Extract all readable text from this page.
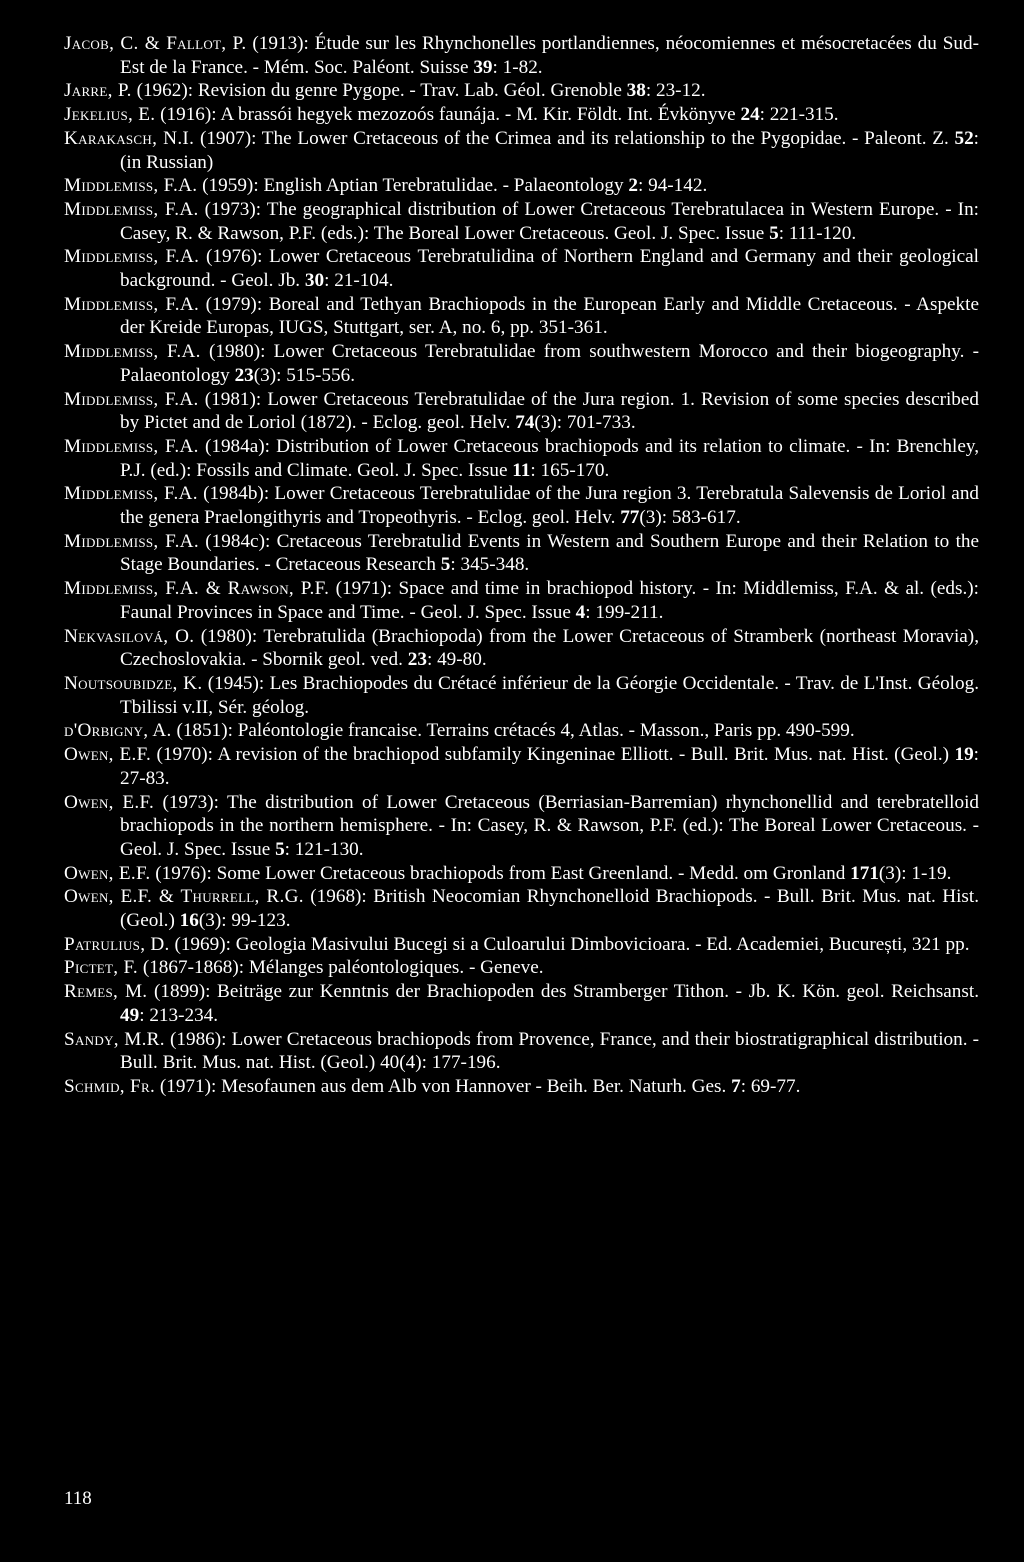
Jacob, C. & Fallot, P. (1913): Étude sur les Rhynchonelles portlandiennes, néocomiennes et mésocretacées du Sud-Est de la France. - Mém. Soc. Paléont. Suisse 39: 1-82.

Jarre, P. (1962): Revision du genre Pygope. - Trav. Lab. Géol. Grenoble 38: 23-12.

Jekelius, E. (1916): A brassói hegyek mezozoós faunája. - M. Kir. Földt. Int. Évkönyve 24: 221-315.

Karakasch, N.I. (1907): The Lower Cretaceous of the Crimea and its relationship to the Pygopidae. - Paleont. Z. 52: (in Russian)

Middlemiss, F.A. (1959): English Aptian Terebratulidae. - Palaeontology 2: 94-142.

Middlemiss, F.A. (1973): The geographical distribution of Lower Cretaceous Terebratulacea in Western Europe. - In: Casey, R. & Rawson, P.F. (eds.): The Boreal Lower Cretaceous. Geol. J. Spec. Issue 5: 111-120.

Middlemiss, F.A. (1976): Lower Cretaceous Terebratulidina of Northern England and Germany and their geological background. - Geol. Jb. 30: 21-104.

Middlemiss, F.A. (1979): Boreal and Tethyan Brachiopods in the European Early and Middle Cretaceous. - Aspekte der Kreide Europas, IUGS, Stuttgart, ser. A, no. 6, pp. 351-361.

Middlemiss, F.A. (1980): Lower Cretaceous Terebratulidae from southwestern Morocco and their biogeography. - Palaeontology 23(3): 515-556.

Middlemiss, F.A. (1981): Lower Cretaceous Terebratulidae of the Jura region. 1. Revision of some species described by Pictet and de Loriol (1872). - Eclog. geol. Helv. 74(3): 701-733.

Middlemiss, F.A. (1984a): Distribution of Lower Cretaceous brachiopods and its relation to climate. - In: Brenchley, P.J. (ed.): Fossils and Climate. Geol. J. Spec. Issue 11: 165-170.

Middlemiss, F.A. (1984b): Lower Cretaceous Terebratulidae of the Jura region 3. Terebratula Salevensis de Loriol and the genera Praelongithyris and Tropeothyris. - Eclog. geol. Helv. 77(3): 583-617.

Middlemiss, F.A. (1984c): Cretaceous Terebratulid Events in Western and Southern Europe and their Relation to the Stage Boundaries. - Cretaceous Research 5: 345-348.

Middlemiss, F.A. & Rawson, P.F. (1971): Space and time in brachiopod history. - In: Middlemiss, F.A. & al. (eds.): Faunal Provinces in Space and Time. - Geol. J. Spec. Issue 4: 199-211.

Nekvasilová, O. (1980): Terebratulida (Brachiopoda) from the Lower Cretaceous of Stramberk (northeast Moravia), Czechoslovakia. - Sbornik geol. ved. 23: 49-80.

Noutsoubidze, K. (1945): Les Brachiopodes du Crétacé inférieur de la Géorgie Occidentale. - Trav. de L'Inst. Géolog. Tbilissi v.II, Sér. géolog.

d'Orbigny, A. (1851): Paléontologie francaise. Terrains crétacés 4, Atlas. - Masson., Paris pp. 490-599.

Owen, E.F. (1970): A revision of the brachiopod subfamily Kingeninae Elliott. - Bull. Brit. Mus. nat. Hist. (Geol.) 19: 27-83.

Owen, E.F. (1973): The distribution of Lower Cretaceous (Berriasian-Barremian) rhynchonellid and terebratelloid brachiopods in the northern hemisphere. - In: Casey, R. & Rawson, P.F. (ed.): The Boreal Lower Cretaceous. - Geol. J. Spec. Issue 5: 121-130.

Owen, E.F. (1976): Some Lower Cretaceous brachiopods from East Greenland. - Medd. om Gronland 171(3): 1-19.

Owen, E.F. & Thurrell, R.G. (1968): British Neocomian Rhynchonelloid Brachiopods. - Bull. Brit. Mus. nat. Hist. (Geol.) 16(3): 99-123.

Patrulius, D. (1969): Geologia Masivului Bucegi si a Culoarului Dimbovicioara. - Ed. Academiei, București, 321 pp.

Pictet, F. (1867-1868): Mélanges paléontologiques. - Geneve.

Remes, M. (1899): Beiträge zur Kenntnis der Brachiopoden des Stramberger Tithon. - Jb. K. Kön. geol. Reichsanst. 49: 213-234.

Sandy, M.R. (1986): Lower Cretaceous brachiopods from Provence, France, and their biostratigraphical distribution. - Bull. Brit. Mus. nat. Hist. (Geol.) 40(4): 177-196.

Schmid, Fr. (1971): Mesofaunen aus dem Alb von Hannover - Beih. Ber. Naturh. Ges. 7: 69-77.

118
